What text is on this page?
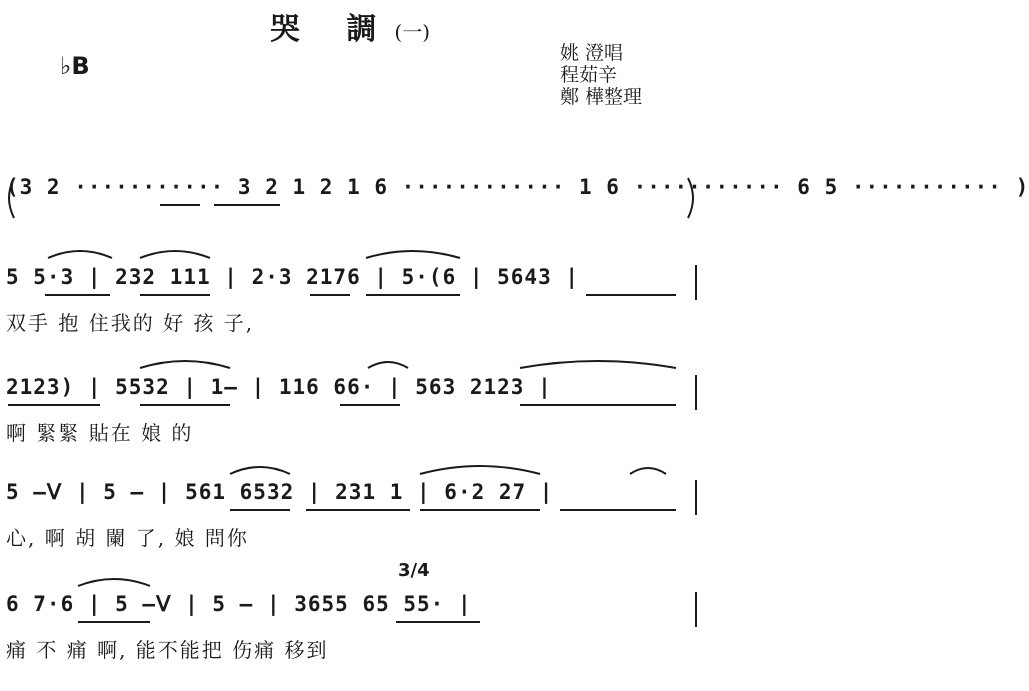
哭 調(一)
♭B	姚 澄唱
程茹辛
鄭 樺整理
(3 2 ··········· 3 2 1 2 1 6 ············ 1 6 ··········· 6 5 ··········· )
5 5·3 | 232 111 | 2·3 2176 | 5·(6 | 5643 |
双手 抱 住我的 好 孩 子,
2123) | 5532 | 1— | 116 66· | 563 2123 |
啊 緊緊 貼在 娘 的
5 —ᐯ | 5 — | 561 6532 | 231 1 | 6·2 27 |
心, 啊 胡 闌 了, 娘 問你
3/4
6 7·6 | 5 —ᐯ | 5 — | 3655 65 55· |
痛 不 痛 啊, 能不能把 伤痛 移到
